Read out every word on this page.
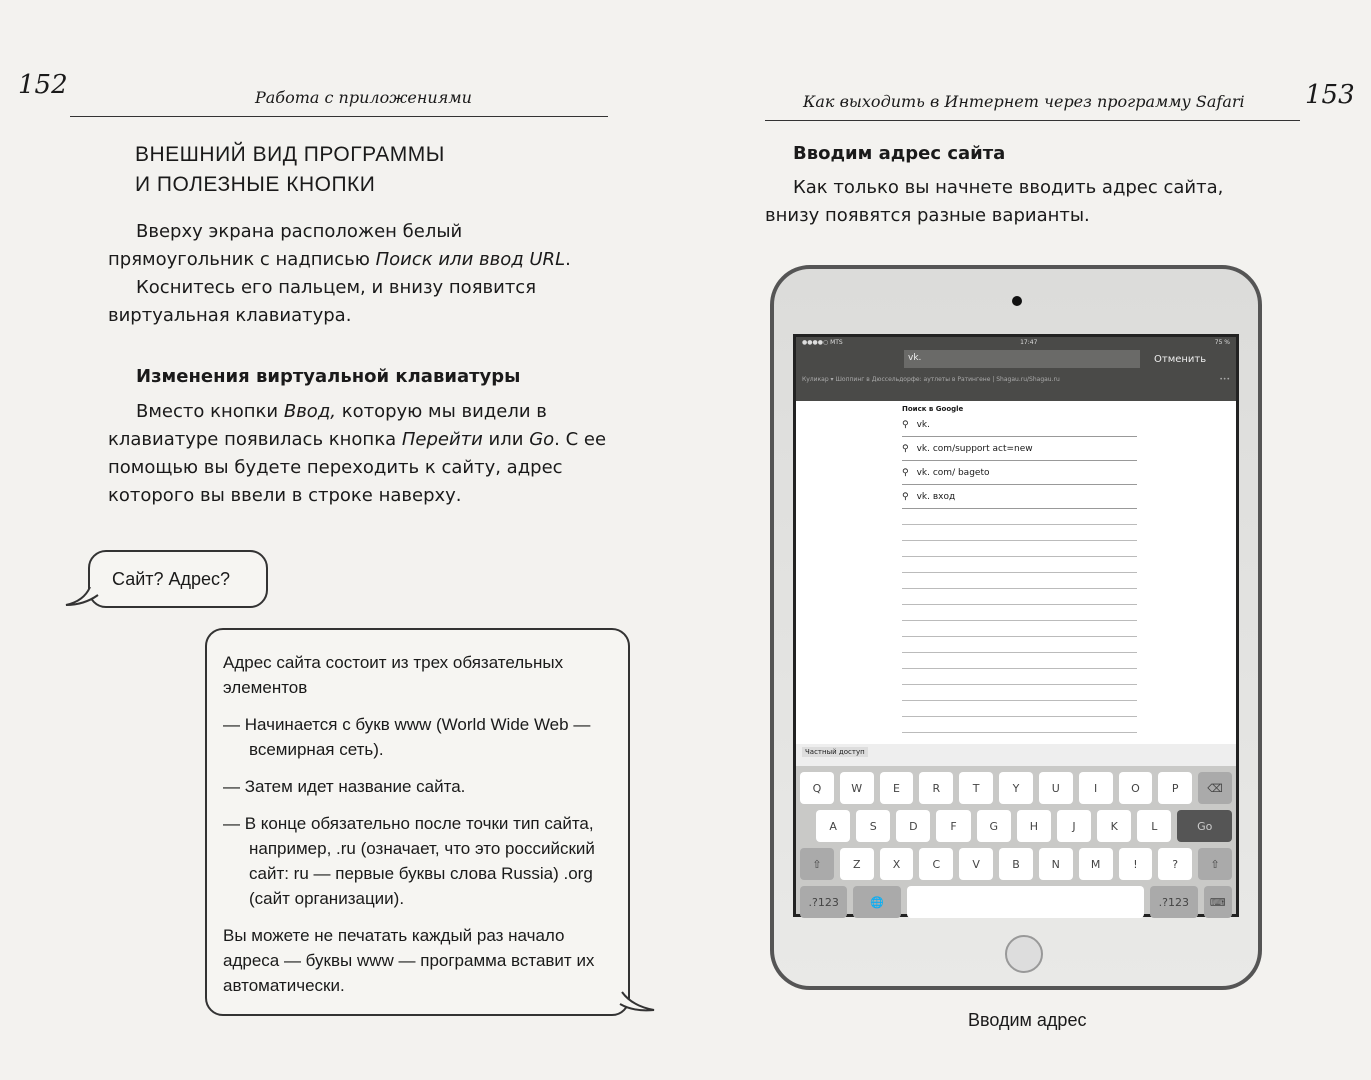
152	Работа с приложениями
ВНЕШНИЙ ВИД ПРОГРАММЫ
И ПОЛЕЗНЫЕ КНОПКИ

Вверху экрана расположен белый прямоугольник с надписью Поиск или ввод URL.

Коснитесь его пальцем, и внизу появится виртуальная клавиатура.

Изменения виртуальной клавиатуры

Вместо кнопки Ввод, которую мы видели в клавиатуре появилась кнопка Перейти или Go. С ее помощью вы будете переходить к сайту, адрес которого вы ввели в строке наверху.

Сайт? Адрес?
Адрес сайта состоит из трех обязательных элементов
— Начинается с букв www (World Wide Web — всемирная сеть).
— Затем идет название сайта.
— В конце обязательно после точки тип сайта, например, .ru (означает, что это российский сайт: ru — первые буквы слова Russia) .org (сайт организации).
Вы можете не печатать каждый раз начало адреса — буквы www — программа вставит их автоматически.
Как выходить в Интернет через программу Safari 153
Вводим адрес сайта

Как только вы начнете вводить адрес сайта, внизу появятся разные варианты.

●●●●○ MTS	17:47	75 %
vk.	Отменить
Куликар ▾ Шоппинг в Дюссельдорфе: аутлеты в Ратингене | Shagau.ru/Shagau.ru	•••
Поиск в Google
⚲ vk.
⚲ vk. com/support act=new
⚲ vk. com/ bageto
⚲ vk. вход
Частный доступ
Q	W	E	R	T	Y	U	I	O	P	⌫
A	S	D	F	G	H	J	K	L	Go
⇧	Z	X	C	V	B	N	M	!	?	⇧
.?123	🌐	.?123	⌨
Вводим адрес
